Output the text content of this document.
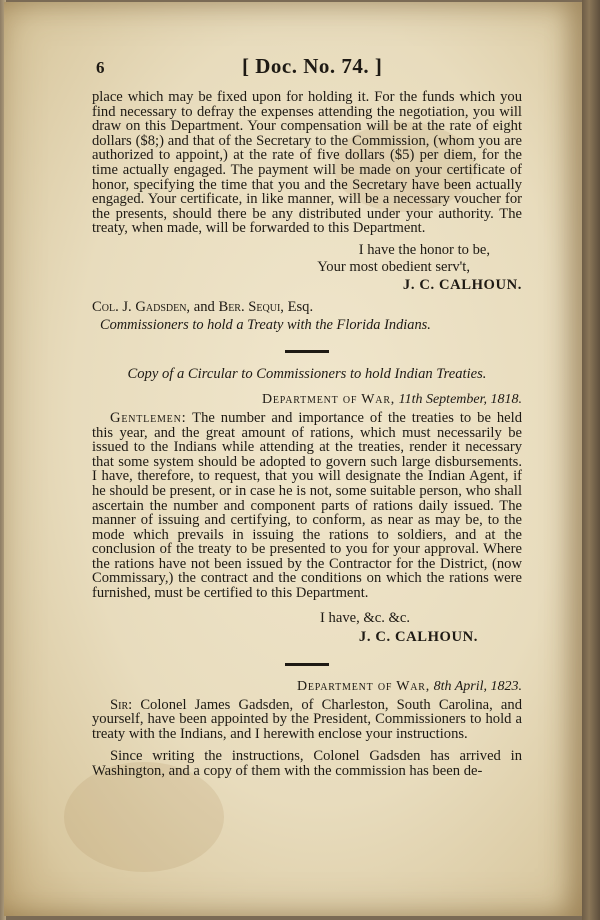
6	[ Doc. No. 74. ]

place which may be fixed upon for holding it. For the funds which you find necessary to defray the expenses attending the negotiation, you will draw on this Department. Your compensation will be at the rate of eight dollars ($8;) and that of the Secretary to the Commission, (whom you are authorized to appoint,) at the rate of five dollars ($5) per diem, for the time actually engaged. The payment will be made on your certificate of honor, specifying the time that you and the Secretary have been actually engaged. Your certificate, in like manner, will be a necessary voucher for the presents, should there be any distributed under your authority. The treaty, when made, will be forwarded to this Department.

I have the honor to be,
Your most obedient serv't,
J. C. CALHOUN.
Col. J. Gadsden, and Ber. Sequi, Esq.
Commissioners to hold a Treaty with the Florida Indians.
Copy of a Circular to Commissioners to hold Indian Treaties.
Department of War, 11th September, 1818.

Gentlemen: The number and importance of the treaties to be held this year, and the great amount of rations, which must necessarily be issued to the Indians while attending at the treaties, render it necessary that some system should be adopted to govern such large disbursements. I have, therefore, to request, that you will designate the Indian Agent, if he should be present, or in case he is not, some suitable person, who shall ascertain the number and component parts of rations daily issued. The manner of issuing and certifying, to conform, as near as may be, to the mode which prevails in issuing the rations to soldiers, and at the conclusion of the treaty to be presented to you for your approval. Where the rations have not been issued by the Contractor for the District, (now Commissary,) the contract and the conditions on which the rations were furnished, must be certified to this Department.

I have, &c. &c.
J. C. CALHOUN.
Department of War, 8th April, 1823.

Sir: Colonel James Gadsden, of Charleston, South Carolina, and yourself, have been appointed by the President, Commissioners to hold a treaty with the Indians, and I herewith enclose your instructions.

Since writing the instructions, Colonel Gadsden has arrived in Washington, and a copy of them with the commission has been de-
